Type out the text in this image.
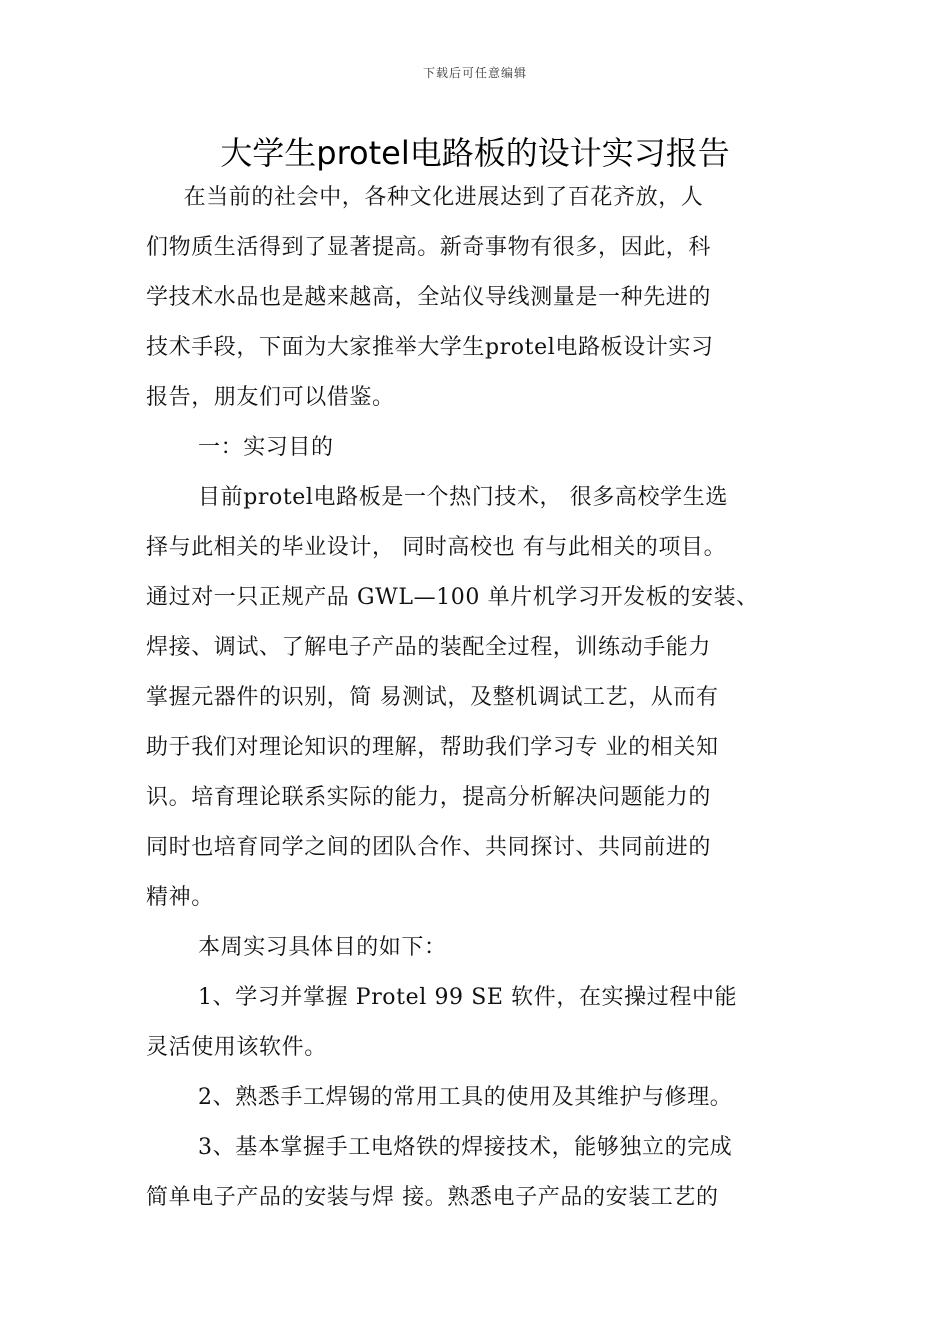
下载后可任意编辑
大学生protel电路板的设计实习报告
在当前的社会中，各种文化进展达到了百花齐放，人
们物质生活得到了显著提高。新奇事物有很多，因此，科
学技术水品也是越来越高，全站仪导线测量是一种先进的
技术手段，下面为大家推举大学生protel电路板设计实习
报告，朋友们可以借鉴。
一：实习目的
目前protel电路板是一个热门技术， 很多高校学生选
择与此相关的毕业设计， 同时高校也 有与此相关的项目。
通过对一只正规产品 GWL—100 单片机学习开发板的安装、
焊接、调试、了解电子产品的装配全过程，训练动手能力
掌握元器件的识别，简 易测试，及整机调试工艺，从而有
助于我们对理论知识的理解，帮助我们学习专 业的相关知
识。培育理论联系实际的能力，提高分析解决问题能力的
同时也培育同学之间的团队合作、共同探讨、共同前进的
精神。
本周实习具体目的如下：
1、学习并掌握 Protel 99 SE 软件，在实操过程中能
灵活使用该软件。
2、熟悉手工焊锡的常用工具的使用及其维护与修理。
3、基本掌握手工电烙铁的焊接技术，能够独立的完成
简单电子产品的安装与焊 接。熟悉电子产品的安装工艺的
